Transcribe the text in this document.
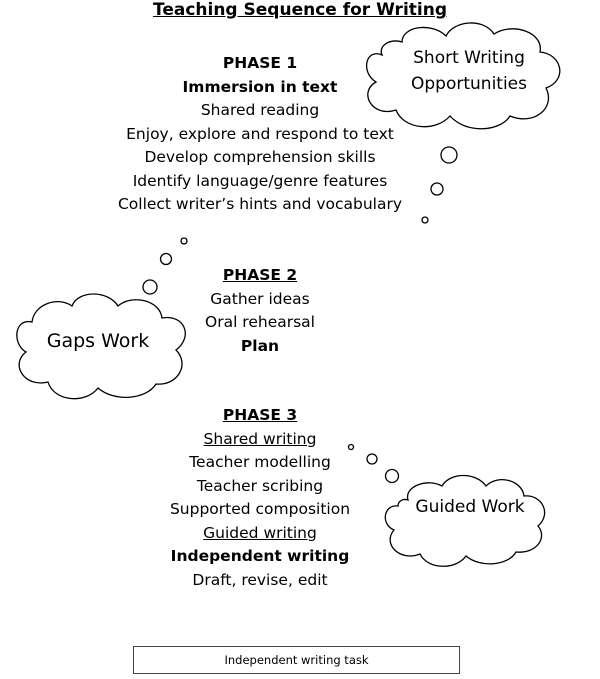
Teaching Sequence for Writing
Short Writing
Opportunities
Gaps Work
Guided Work
PHASE 1
Immersion in text
Shared reading
Enjoy, explore and respond to text
Develop comprehension skills
Identify language/genre features
Collect writer’s hints and vocabulary
PHASE 2
Gather ideas
Oral rehearsal
Plan
PHASE 3
Shared writing
Teacher modelling
Teacher scribing
Supported composition
Guided writing
Independent writing
Draft, revise, edit
Independent writing task
